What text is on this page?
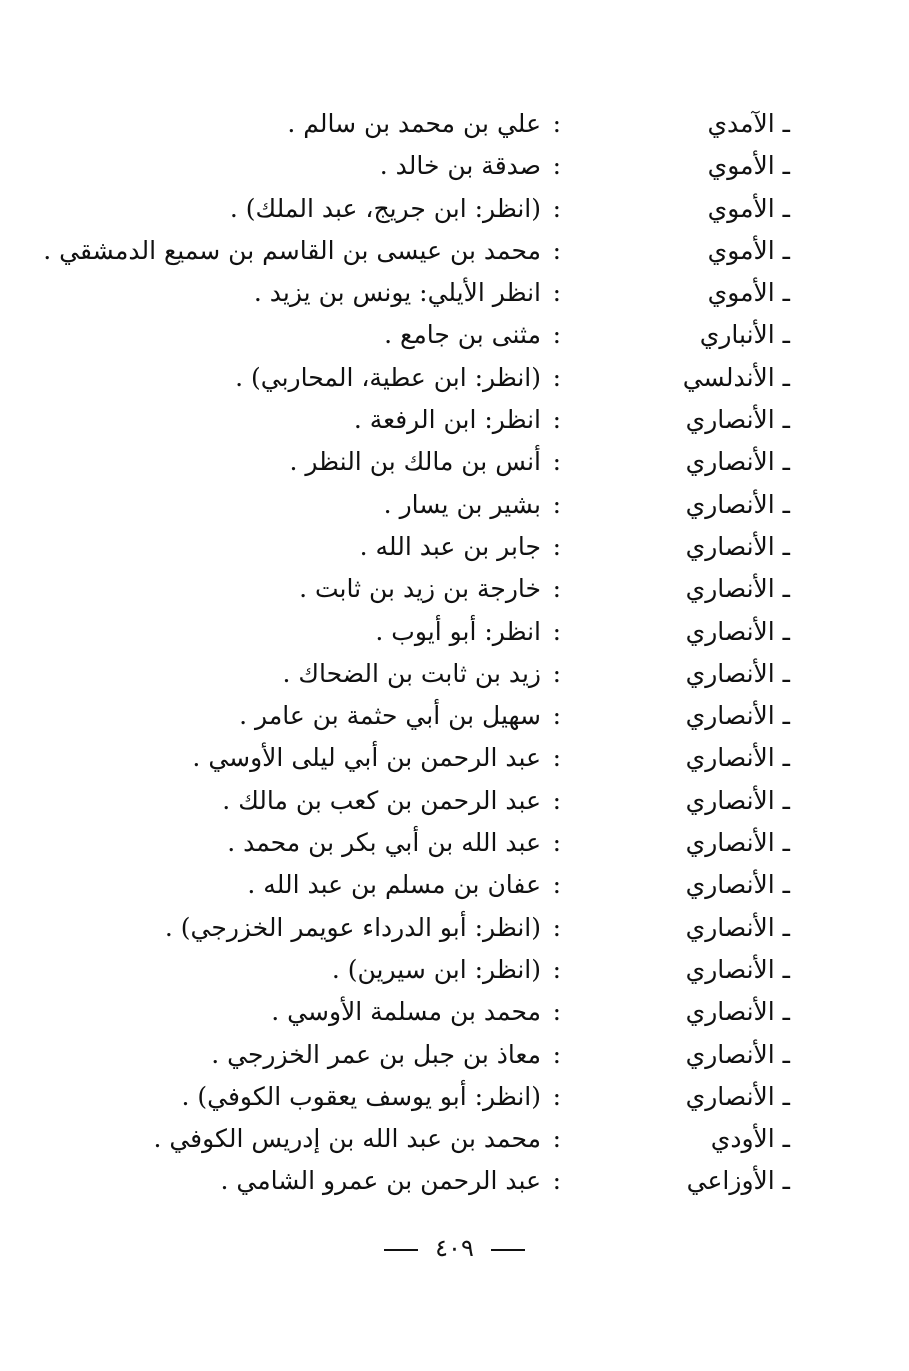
ـ الآمدي
:
علي بن محمد بن سالم .
ـ الأموي
:
صدقة بن خالد .
ـ الأموي
:
(انظر: ابن جريج، عبد الملك) .
ـ الأموي
:
محمد بن عيسى بن القاسم بن سميع الدمشقي .
ـ الأموي
:
انظر الأيلي: يونس بن يزيد .
ـ الأنباري
:
مثنى بن جامع .
ـ الأندلسي
:
(انظر: ابن عطية، المحاربي) .
ـ الأنصاري
:
انظر: ابن الرفعة .
ـ الأنصاري
:
أنس بن مالك بن النظر .
ـ الأنصاري
:
بشير بن يسار .
ـ الأنصاري
:
جابر بن عبد الله .
ـ الأنصاري
:
خارجة بن زيد بن ثابت .
ـ الأنصاري
:
انظر: أبو أيوب .
ـ الأنصاري
:
زيد بن ثابت بن الضحاك .
ـ الأنصاري
:
سهيل بن أبي حثمة بن عامر .
ـ الأنصاري
:
عبد الرحمن بن أبي ليلى الأوسي .
ـ الأنصاري
:
عبد الرحمن بن كعب بن مالك .
ـ الأنصاري
:
عبد الله بن أبي بكر بن محمد .
ـ الأنصاري
:
عفان بن مسلم بن عبد الله .
ـ الأنصاري
:
(انظر: أبو الدرداء عويمر الخزرجي) .
ـ الأنصاري
:
(انظر: ابن سيرين) .
ـ الأنصاري
:
محمد بن مسلمة الأوسي .
ـ الأنصاري
:
معاذ بن جبل بن عمر الخزرجي .
ـ الأنصاري
:
(انظر: أبو يوسف يعقوب الكوفي) .
ـ الأودي
:
محمد بن عبد الله بن إدريس الكوفي .
ـ الأوزاعي
:
عبد الرحمن بن عمرو الشامي .
٤٠٩
